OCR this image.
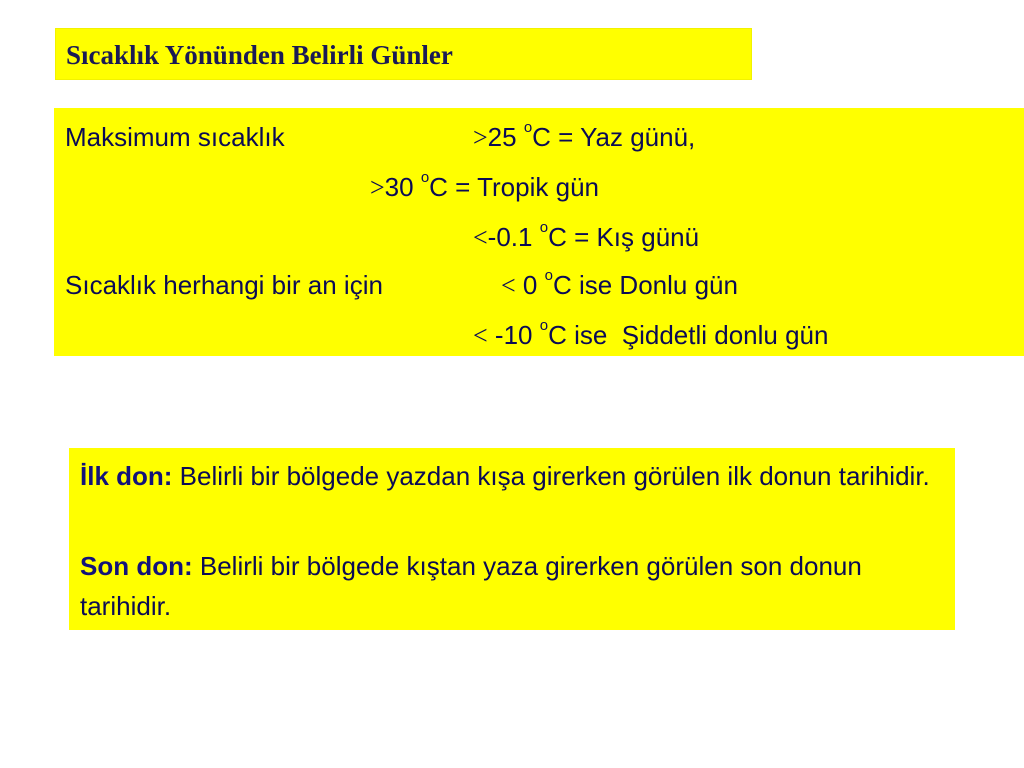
Sıcaklık Yönünden Belirli Günler
Maksimum sıcaklık	>25 $^o$C = Yaz günü,
>30 $^o$C = Tropik gün
<-0.1 $^o$C = Kış günü
Sıcaklık herhangi bir an için	< 0 $^o$C ise Donlu gün
< -10 $^o$C ise  Şiddetli donlu gün
İlk don: Belirli bir bölgede yazdan kışa girerken görülen ilk donun tarihidir.
Son don: Belirli bir bölgede kıştan yaza girerken görülen son donun tarihidir.
